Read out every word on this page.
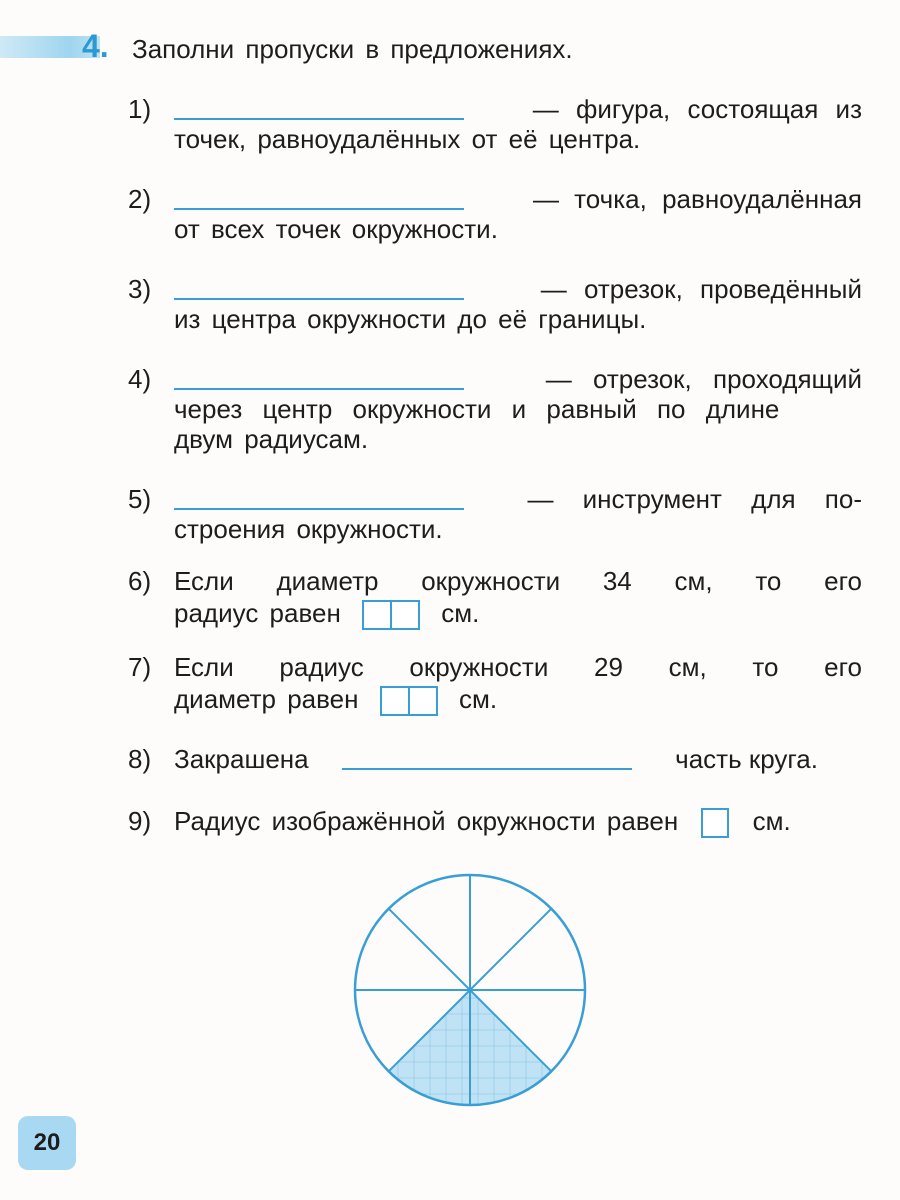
4. Заполни пропуски в предложениях.
1)	— фигура, состоящая из
точек, равноудалённых от её центра.
2)	— точка, равноудалённая
от всех точек окружности.
3)	— отрезок, проведённый
из центра окружности до её границы.
4)	— отрезок, проходящий
через центр окружности и равный по длине
двум радиусам.
5)	— инструмент для по-
строения окружности.
6) Если диаметр окружности 34 см, то его
радиус равен	см.
7) Если радиус окружности 29 см, то его
диаметр равен	см.
8) Закрашена	часть круга.
9) Радиус изображённой окружности равен	см.
20
